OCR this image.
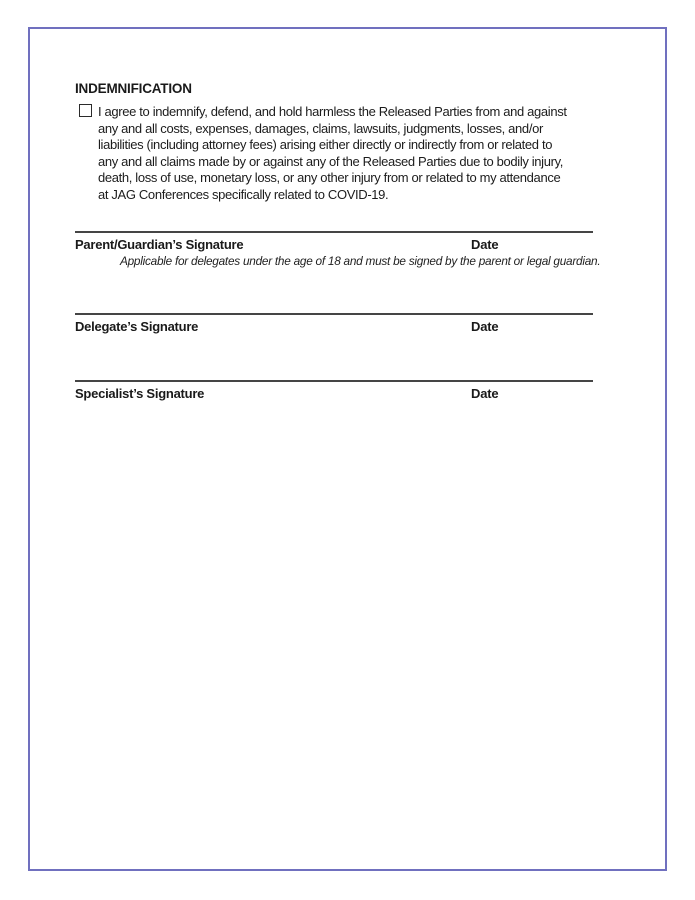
INDEMNIFICATION
I agree to indemnify, defend, and hold harmless the Released Parties from and against
any and all costs, expenses, damages, claims, lawsuits, judgments, losses, and/or
liabilities (including attorney fees) arising either directly or indirectly from or related to
any and all claims made by or against any of the Released Parties due to bodily injury,
death, loss of use, monetary loss, or any other injury from or related to my attendance
at JAG Conferences specifically related to COVID-19.
Parent/Guardian’s Signature	Date
Applicable for delegates under the age of 18 and must be signed by the parent or legal guardian.
Delegate’s Signature	Date
Specialist’s Signature	Date
